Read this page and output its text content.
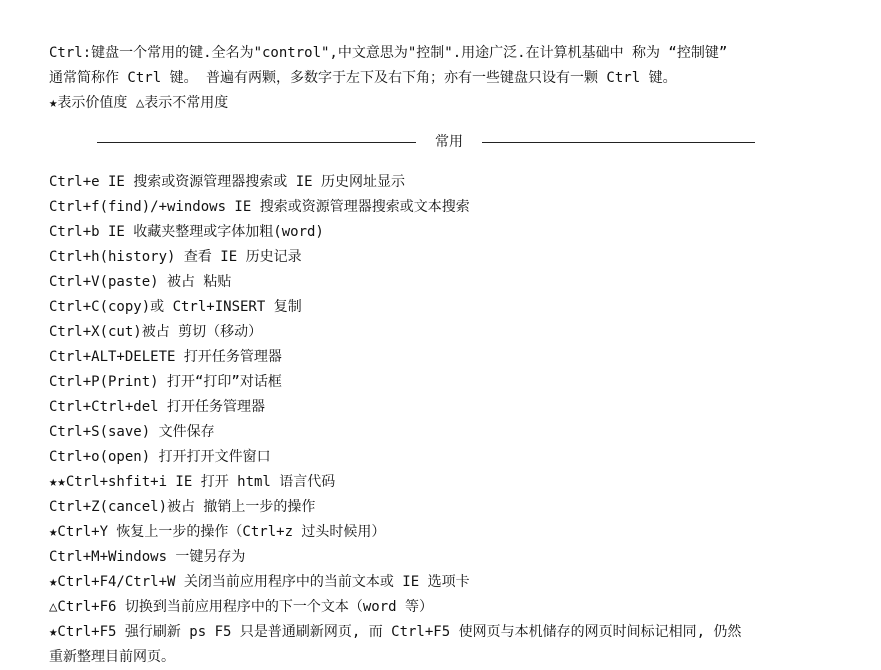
Ctrl:键盘一个常用的键.全名为"control",中文意思为"控制".用途广泛.在计算机基础中 称为 “控制键”
通常简称作 Ctrl 键。 普遍有两颗，多数字于左下及右下角；亦有一些键盘只设有一颗 Ctrl 键。
★表示价值度 △表示不常用度
常用
Ctrl+e IE 搜索或资源管理器搜索或 IE 历史网址显示
Ctrl+f(find)/+windows IE 搜索或资源管理器搜索或文本搜索
Ctrl+b IE 收藏夹整理或字体加粗(word)
Ctrl+h(history) 查看 IE 历史记录
Ctrl+V(paste) 被占 粘贴
Ctrl+C(copy)或 Ctrl+INSERT 复制
Ctrl+X(cut)被占 剪切（移动）
Ctrl+ALT+DELETE 打开任务管理器
Ctrl+P(Print) 打开“打印”对话框
Ctrl+Ctrl+del 打开任务管理器
Ctrl+S(save) 文件保存
Ctrl+o(open) 打开打开文件窗口
★★Ctrl+shfit+i IE 打开 html 语言代码
Ctrl+Z(cancel)被占 撤销上一步的操作
★Ctrl+Y 恢复上一步的操作（Ctrl+z 过头时候用）
Ctrl+M+Windows 一键另存为
★Ctrl+F4/Ctrl+W 关闭当前应用程序中的当前文本或 IE 选项卡
△Ctrl+F6 切换到当前应用程序中的下一个文本（word 等）
★Ctrl+F5 强行刷新 ps F5 只是普通刷新网页, 而 Ctrl+F5 使网页与本机储存的网页时间标记相同, 仍然
重新整理目前网页。
